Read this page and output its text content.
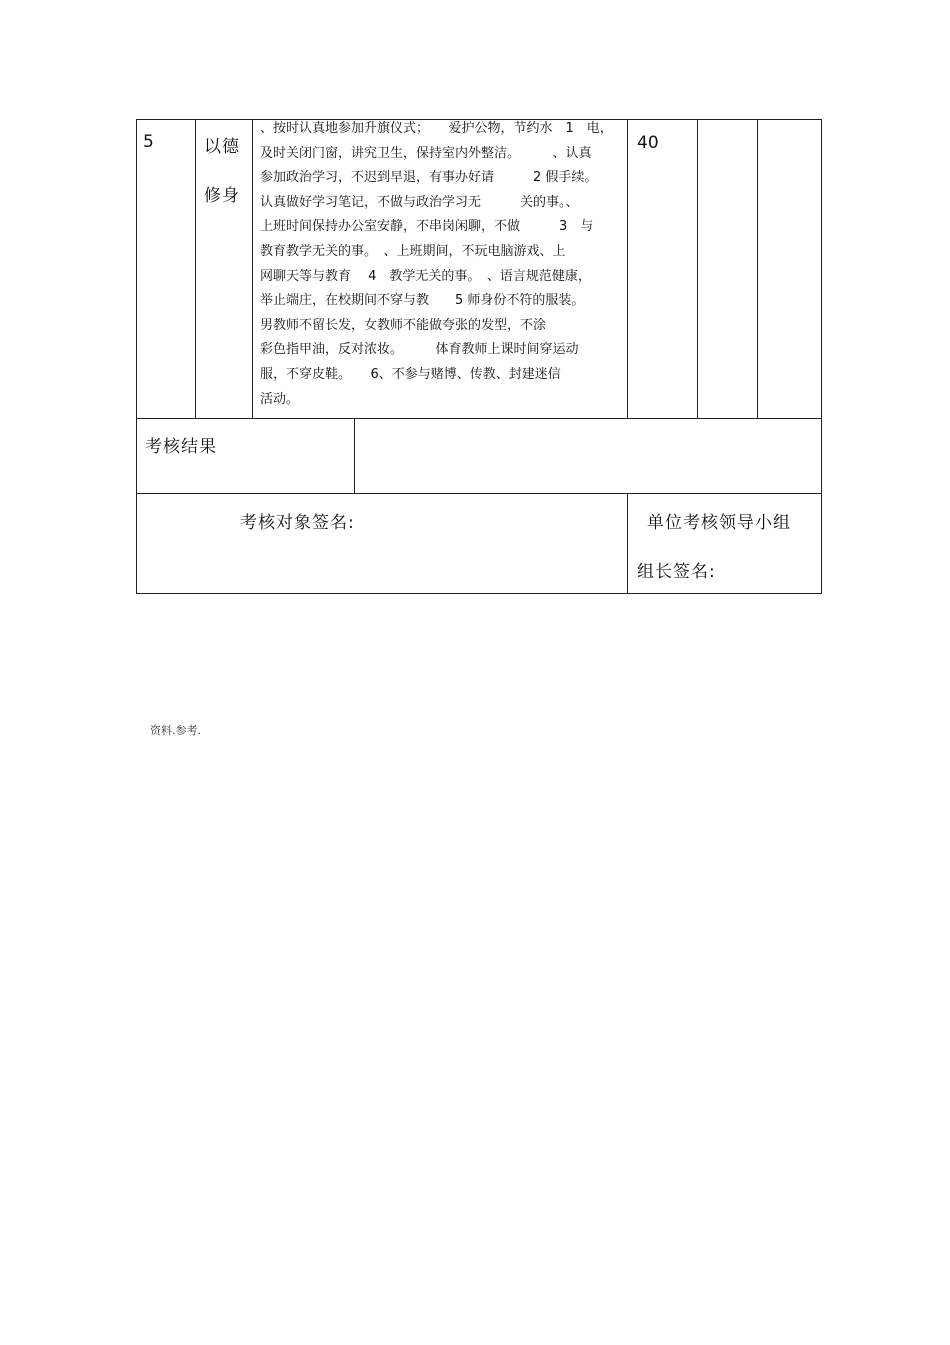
5	以德
修身
、按时认真地参加升旗仪式；　　爱护公物，节约水　1　电，
及时关闭门窗，讲究卫生，保持室内外整洁。　　　、认真
参加政治学习，不迟到早退，有事办好请　　　2 假手续。
认真做好学习笔记，不做与政治学习无　　　关的事。、
上班时间保持办公室安静，不串岗闲聊，不做　　　3　与
教育教学无关的事。　、上班期间，不玩电脑游戏、上
网聊天等与教育　 4　教学无关的事。　、语言规范健康，
举止端庄，在校期间不穿与教　　5 师身份不符的服装。
男教师不留长发，女教师不能做夸张的发型，不涂
彩色指甲油，反对浓妆。　　　体育教师上课时间穿运动
服，不穿皮鞋。　　6、不参与赌博、传教、封建迷信
活动。
40
考核结果
考核对象签名:	单位考核领导小组
组长签名:
资料.参考.
